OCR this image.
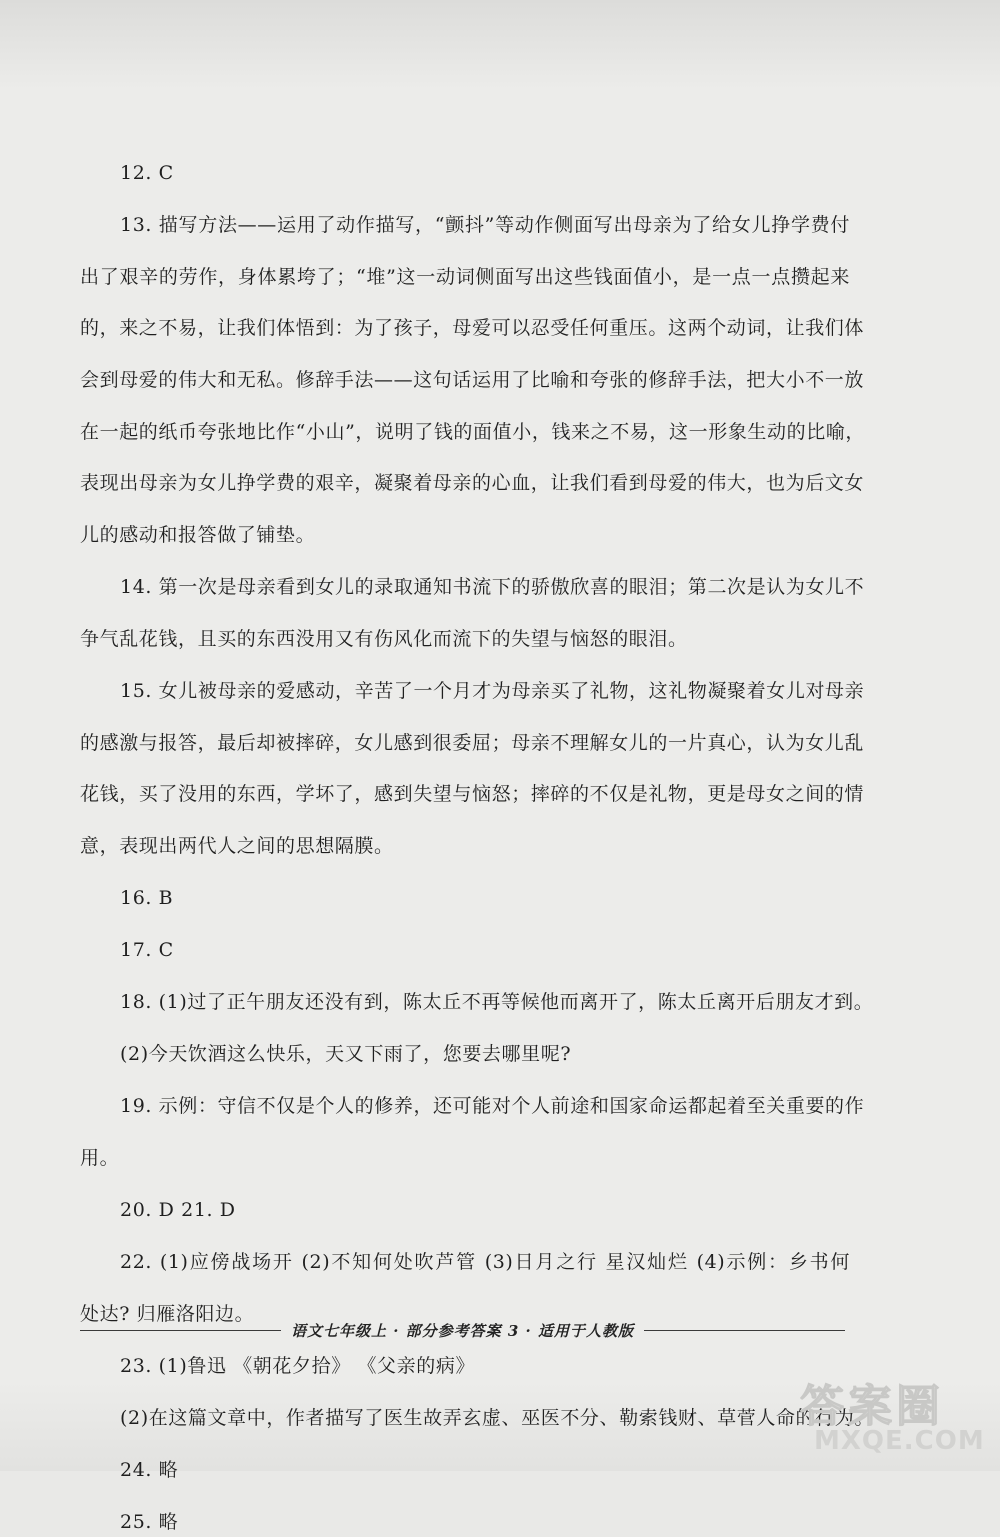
12. C
13. 描写方法——运用了动作描写，“颤抖”等动作侧面写出母亲为了给女儿挣学费付
出了艰辛的劳作，身体累垮了；“堆”这一动词侧面写出这些钱面值小，是一点一点攒起来
的，来之不易，让我们体悟到：为了孩子，母爱可以忍受任何重压。这两个动词，让我们体
会到母爱的伟大和无私。修辞手法——这句话运用了比喻和夸张的修辞手法，把大小不一放
在一起的纸币夸张地比作“小山”，说明了钱的面值小，钱来之不易，这一形象生动的比喻，
表现出母亲为女儿挣学费的艰辛，凝聚着母亲的心血，让我们看到母爱的伟大，也为后文女
儿的感动和报答做了铺垫。
14. 第一次是母亲看到女儿的录取通知书流下的骄傲欣喜的眼泪；第二次是认为女儿不
争气乱花钱，且买的东西没用又有伤风化而流下的失望与恼怒的眼泪。
15. 女儿被母亲的爱感动，辛苦了一个月才为母亲买了礼物，这礼物凝聚着女儿对母亲
的感激与报答，最后却被摔碎，女儿感到很委屈；母亲不理解女儿的一片真心，认为女儿乱
花钱，买了没用的东西，学坏了，感到失望与恼怒；摔碎的不仅是礼物，更是母女之间的情
意，表现出两代人之间的思想隔膜。
16. B
17. C
18. (1)过了正午朋友还没有到，陈太丘不再等候他而离开了，陈太丘离开后朋友才到。
(2)今天饮酒这么快乐，天又下雨了，您要去哪里呢?
19. 示例：守信不仅是个人的修养，还可能对个人前途和国家命运都起着至关重要的作
用。
20. D 21. D
22. (1)应傍战场开 (2)不知何处吹芦管 (3)日月之行 星汉灿烂 (4)示例：乡书何
处达? 归雁洛阳边。
23. (1)鲁迅 《朝花夕拾》 《父亲的病》
(2)在这篇文章中，作者描写了医生故弄玄虚、巫医不分、勒索钱财、草菅人命的行为。
24. 略
25. 略
语文七年级上 · 部分参考答案 3 · 适用于人教版
答案圈
MXQE.COM
